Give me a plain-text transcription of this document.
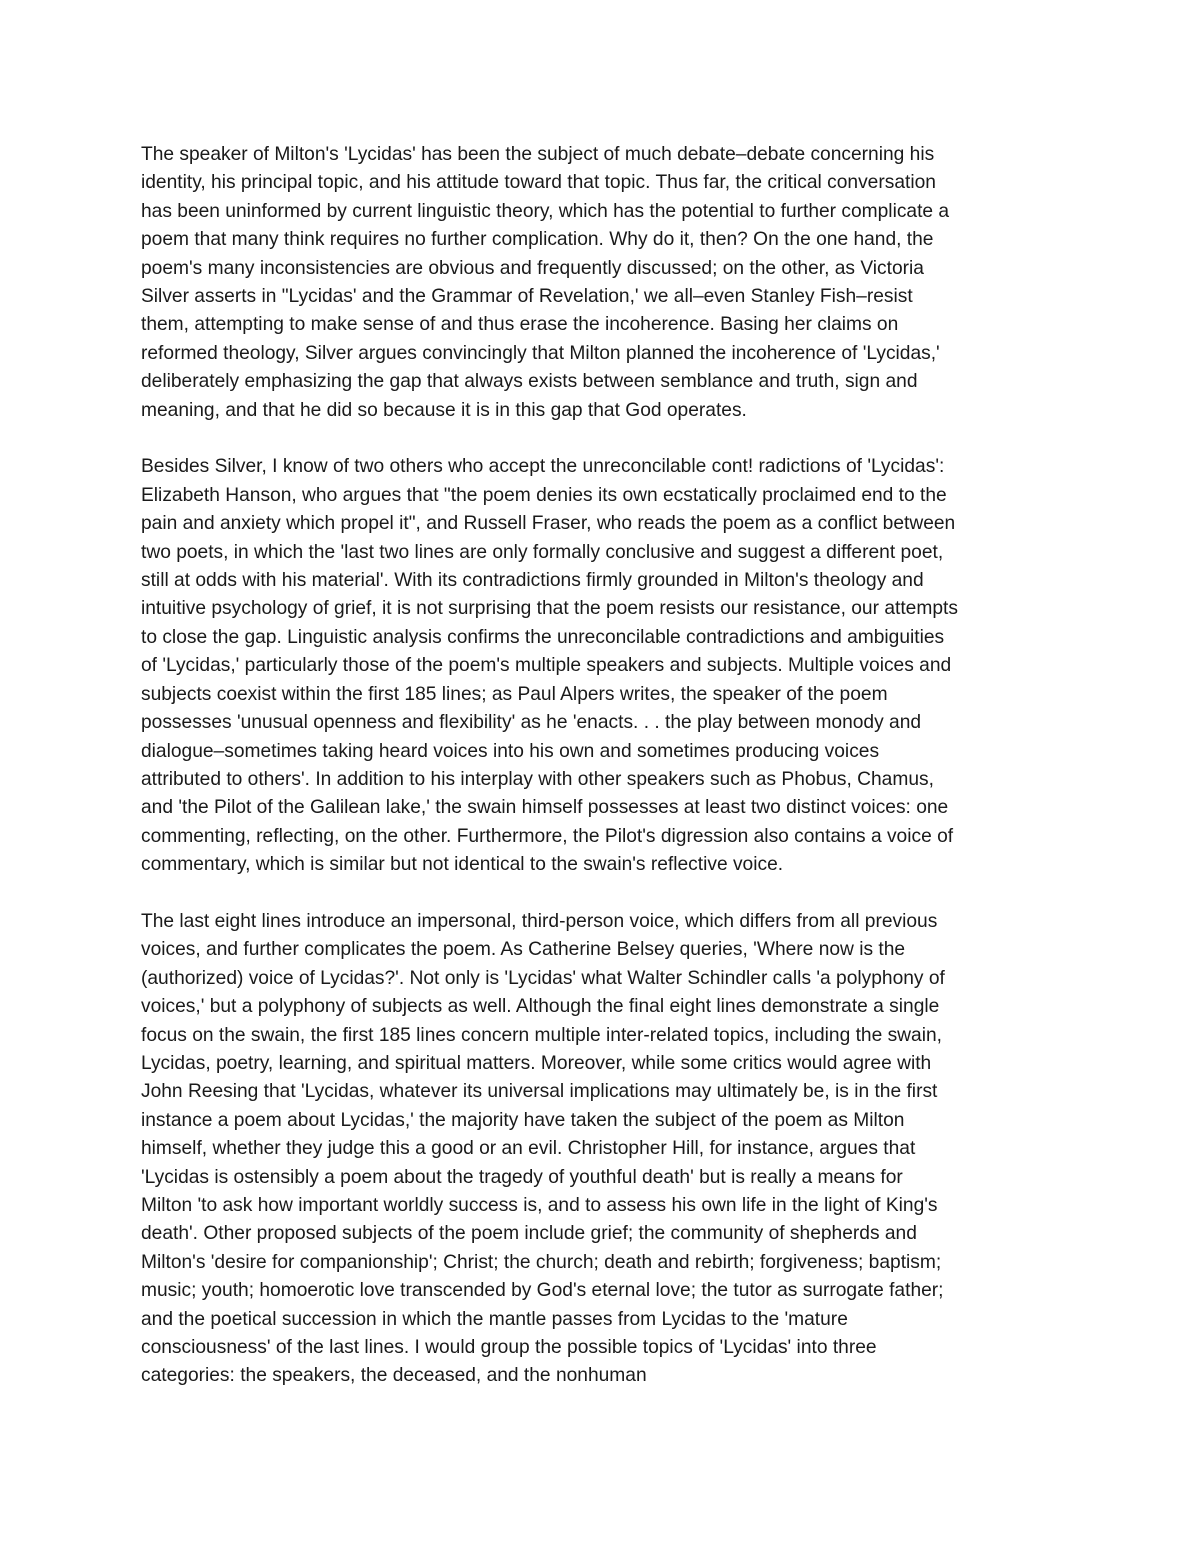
The speaker of Milton's 'Lycidas' has been the subject of much debate–debate concerning his
identity, his principal topic, and his attitude toward that topic. Thus far, the critical conversation
has been uninformed by current linguistic theory, which has the potential to further complicate a
poem that many think requires no further complication. Why do it, then? On the one hand, the
poem's many inconsistencies are obvious and frequently discussed; on the other, as Victoria
Silver asserts in "Lycidas' and the Grammar of Revelation,' we all–even Stanley Fish–resist
them, attempting to make sense of and thus erase the incoherence. Basing her claims on
reformed theology, Silver argues convincingly that Milton planned the incoherence of 'Lycidas,'
deliberately emphasizing the gap that always exists between semblance and truth, sign and
meaning, and that he did so because it is in this gap that God operates.

Besides Silver, I know of two others who accept the unreconcilable cont! radictions of 'Lycidas':
Elizabeth Hanson, who argues that "the poem denies its own ecstatically proclaimed end to the
pain and anxiety which propel it", and Russell Fraser, who reads the poem as a conflict between
two poets, in which the 'last two lines are only formally conclusive and suggest a different poet,
still at odds with his material'. With its contradictions firmly grounded in Milton's theology and
intuitive psychology of grief, it is not surprising that the poem resists our resistance, our attempts
to close the gap. Linguistic analysis confirms the unreconcilable contradictions and ambiguities
of 'Lycidas,' particularly those of the poem's multiple speakers and subjects. Multiple voices and
subjects coexist within the first 185 lines; as Paul Alpers writes, the speaker of the poem
possesses 'unusual openness and flexibility' as he 'enacts. . . the play between monody and
dialogue–sometimes taking heard voices into his own and sometimes producing voices
attributed to others'. In addition to his interplay with other speakers such as Phobus, Chamus,
and 'the Pilot of the Galilean lake,' the swain himself possesses at least two distinct voices: one
commenting, reflecting, on the other. Furthermore, the Pilot's digression also contains a voice of
commentary, which is similar but not identical to the swain's reflective voice.

The last eight lines introduce an impersonal, third-person voice, which differs from all previous
voices, and further complicates the poem. As Catherine Belsey queries, 'Where now is the
(authorized) voice of Lycidas?'. Not only is 'Lycidas' what Walter Schindler calls 'a polyphony of
voices,' but a polyphony of subjects as well. Although the final eight lines demonstrate a single
focus on the swain, the first 185 lines concern multiple inter-related topics, including the swain,
Lycidas, poetry, learning, and spiritual matters. Moreover, while some critics would agree with
John Reesing that 'Lycidas, whatever its universal implications may ultimately be, is in the first
instance a poem about Lycidas,' the majority have taken the subject of the poem as Milton
himself, whether they judge this a good or an evil. Christopher Hill, for instance, argues that
'Lycidas is ostensibly a poem about the tragedy of youthful death' but is really a means for
Milton 'to ask how important worldly success is, and to assess his own life in the light of King's
death'. Other proposed subjects of the poem include grief; the community of shepherds and
Milton's 'desire for companionship'; Christ; the church; death and rebirth; forgiveness; baptism;
music; youth; homoerotic love transcended by God's eternal love; the tutor as surrogate father;
and the poetical succession in which the mantle passes from Lycidas to the 'mature
consciousness' of the last lines. I would group the possible topics of 'Lycidas' into three
categories: the speakers, the deceased, and the nonhuman
